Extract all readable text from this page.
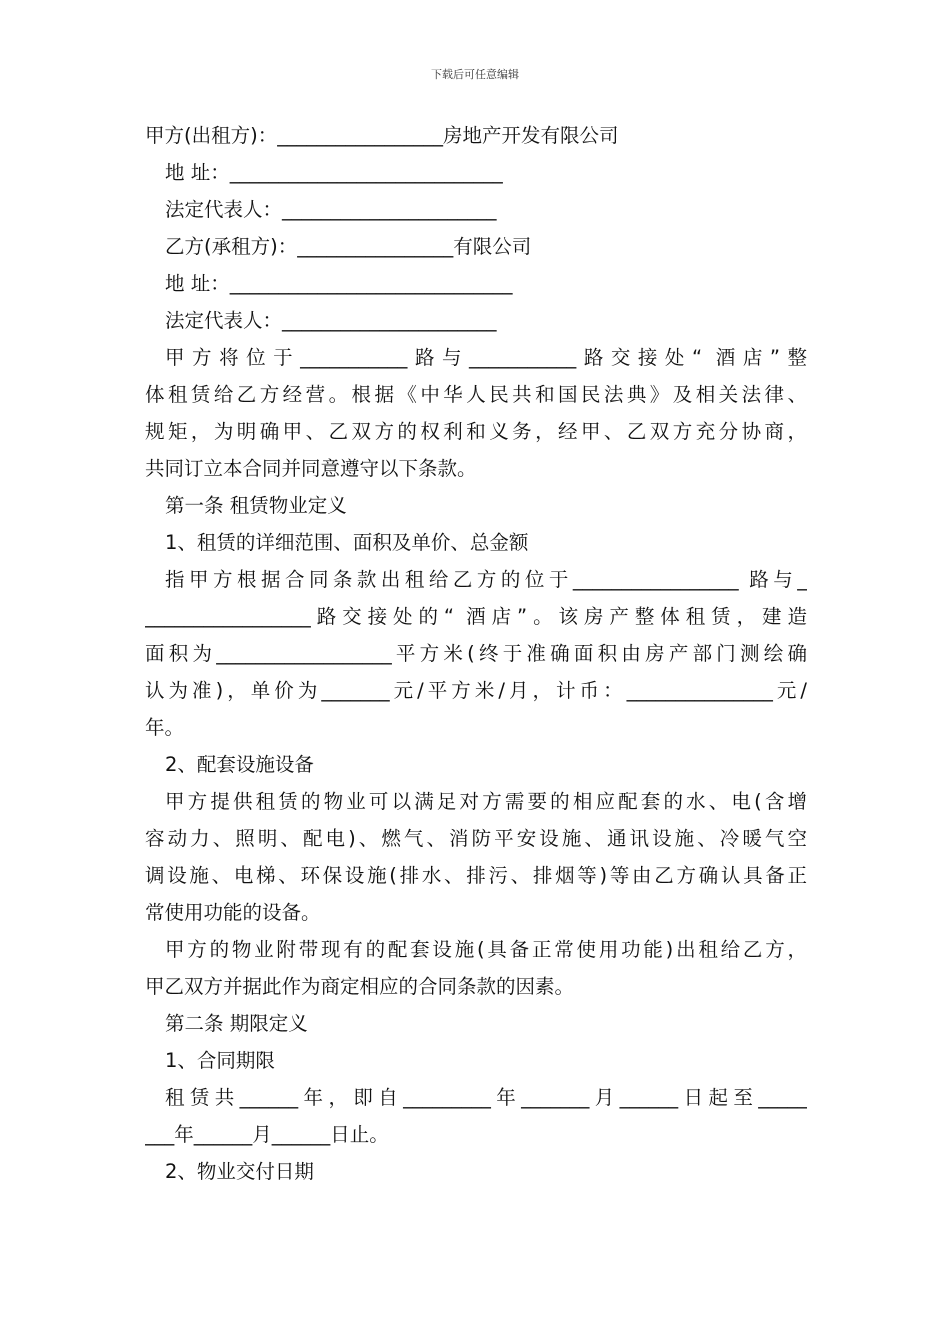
下载后可任意编辑
甲方(出租方)：_________________房地产开发有限公司
地 址：____________________________
法定代表人：______________________
乙方(承租方)：________________有限公司
地 址：_____________________________
法定代表人：______________________
甲方将位于___________路与___________路交接处“ 酒店”整
体租赁给乙方经营。根据《中华人民共和国民法典》及相关法律、
规矩，为明确甲、乙双方的权利和义务，经甲、乙双方充分协商，
共同订立本合同并同意遵守以下条款。
第一条 租赁物业定义
1、租赁的详细范围、面积及单价、总金额
指甲方根据合同条款出租给乙方的位于_________________ 路与_
_________________路交接处的“ 酒店”。该房产整体租赁，建造
面积为__________________平方米(终于准确面积由房产部门测绘确
认为准)，单价为_______元/平方米/月，计币：_______________元/
年。
2、配套设施设备
甲方提供租赁的物业可以满足对方需要的相应配套的水、电(含增
容动力、照明、配电)、燃气、消防平安设施、通讯设施、冷暖气空
调设施、电梯、环保设施(排水、排污、排烟等)等由乙方确认具备正
常使用功能的设备。
甲方的物业附带现有的配套设施(具备正常使用功能)出租给乙方，
甲乙双方并据此作为商定相应的合同条款的因素。
第二条 期限定义
1、合同期限
租赁共______年，即自_________年_______月______日起至_____
___年______月______日止。
2、物业交付日期
